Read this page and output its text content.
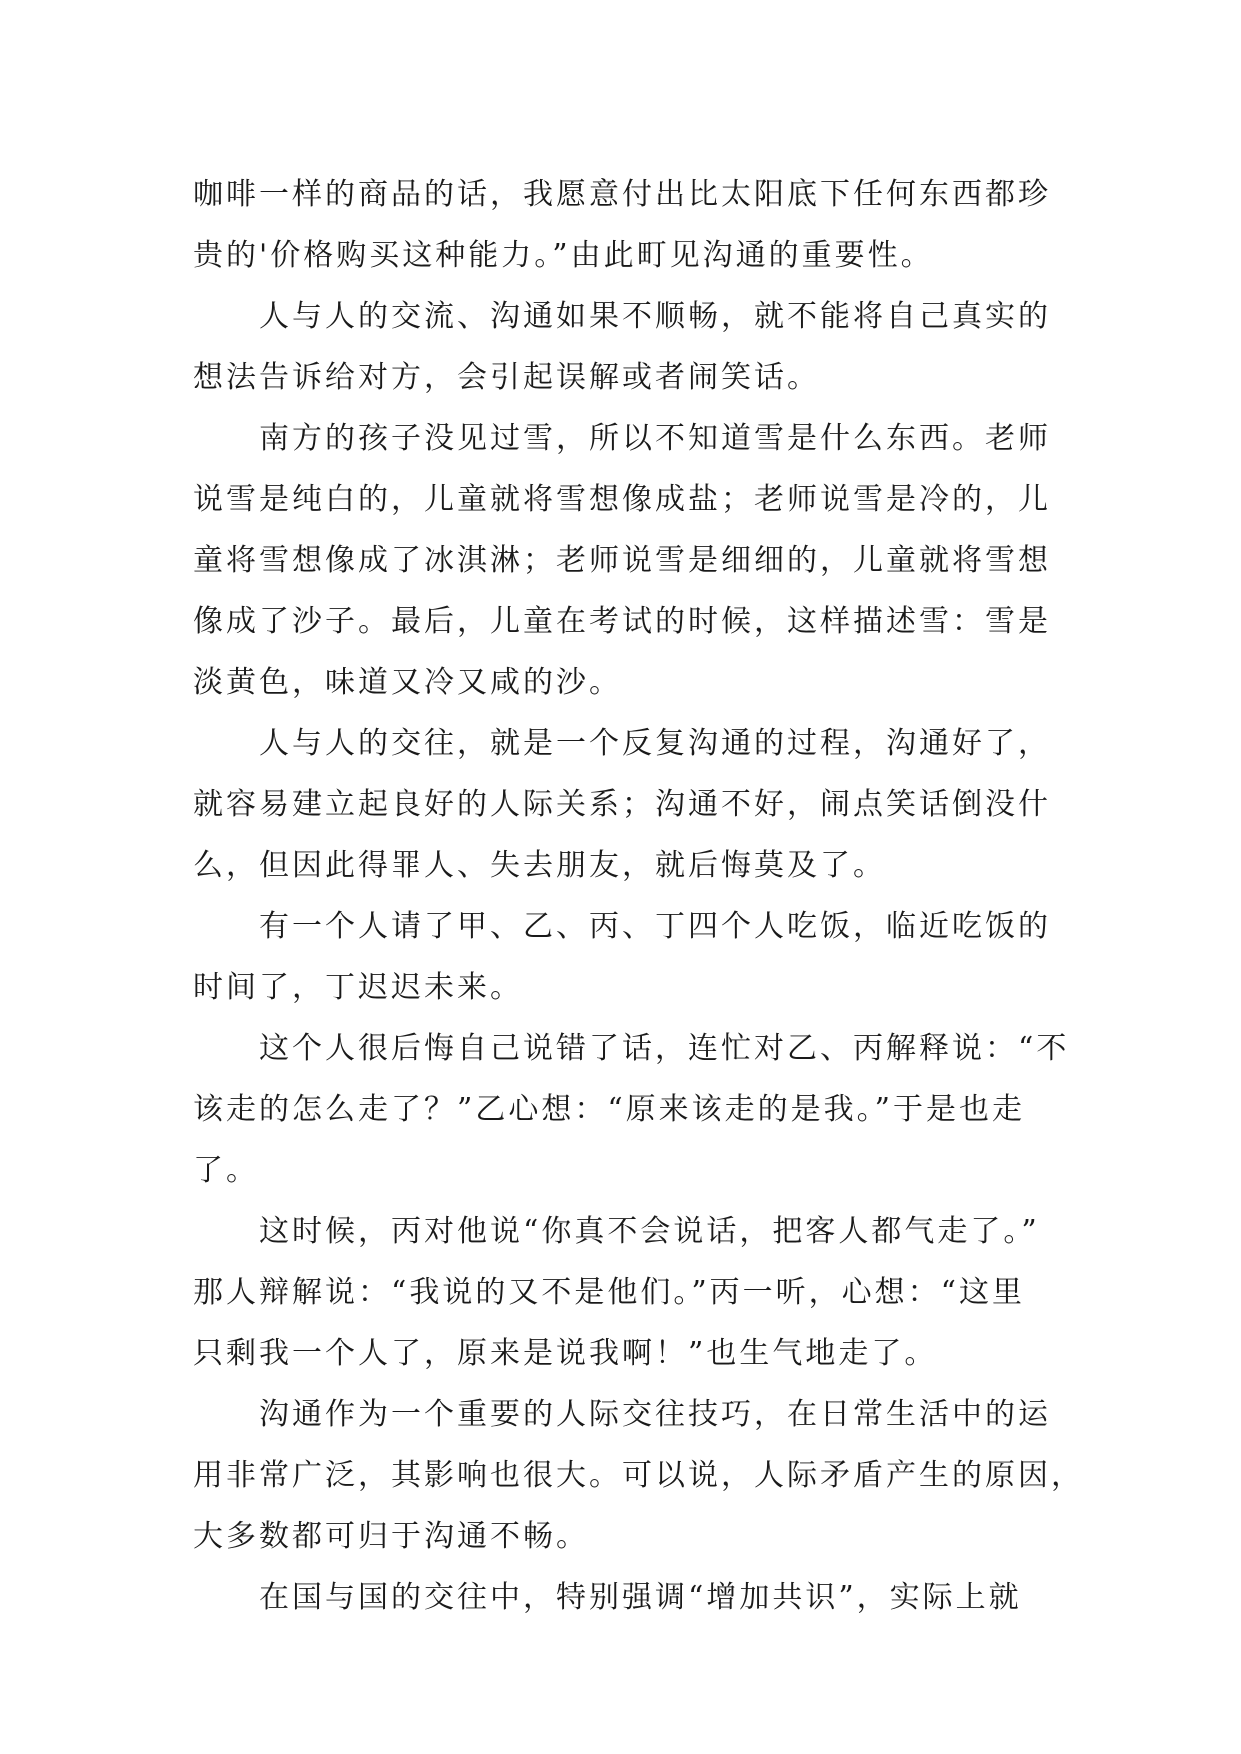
咖啡一样的商品的话，我愿意付出比太阳底下任何东西都珍
贵的'价格购买这种能力。”由此町见沟通的重要性。
人与人的交流、沟通如果不顺畅，就不能将自己真实的
想法告诉给对方，会引起误解或者闹笑话。
南方的孩子没见过雪，所以不知道雪是什么东西。老师
说雪是纯白的，儿童就将雪想像成盐；老师说雪是冷的，儿
童将雪想像成了冰淇淋；老师说雪是细细的，儿童就将雪想
像成了沙子。最后，儿童在考试的时候，这样描述雪：雪是
淡黄色，味道又冷又咸的沙。
人与人的交往，就是一个反复沟通的过程，沟通好了，
就容易建立起良好的人际关系；沟通不好，闹点笑话倒没什
么，但因此得罪人、失去朋友，就后悔莫及了。
有一个人请了甲、乙、丙、丁四个人吃饭，临近吃饭的
时间了，丁迟迟未来。
这个人很后悔自己说错了话，连忙对乙、丙解释说：“不
该走的怎么走了？”乙心想：“原来该走的是我。”于是也走
了。
这时候，丙对他说“你真不会说话，把客人都气走了。”
那人辩解说：“我说的又不是他们。”丙一听，心想：“这里
只剩我一个人了，原来是说我啊！”也生气地走了。
沟通作为一个重要的人际交往技巧，在日常生活中的运
用非常广泛，其影响也很大。可以说，人际矛盾产生的原因，
大多数都可归于沟通不畅。
在国与国的交往中，特别强调“增加共识”，实际上就
